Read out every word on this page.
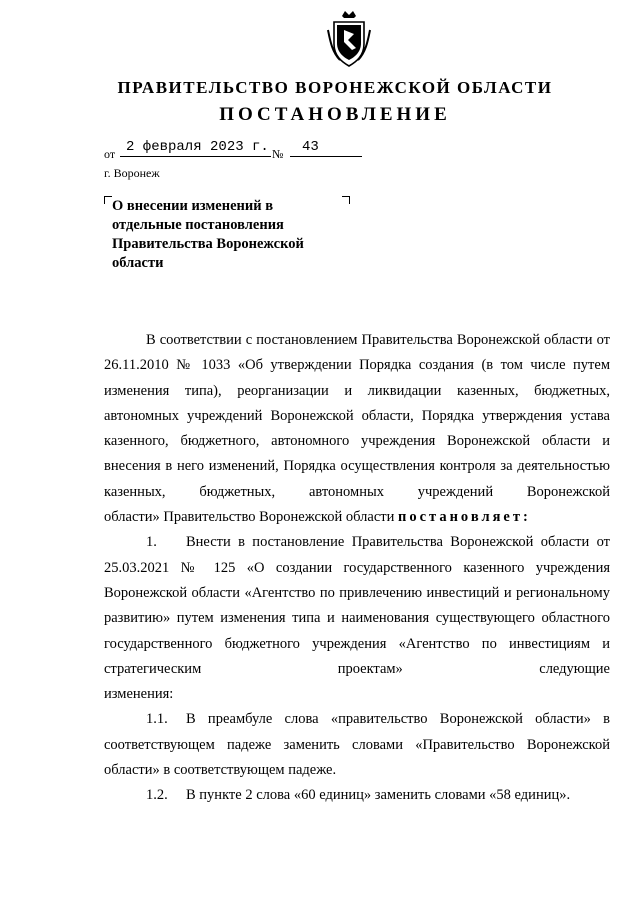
ПРАВИТЕЛЬСТВО ВОРОНЕЖСКОЙ ОБЛАСТИ
ПОСТАНОВЛЕНИЕ
от 2 февраля 2023 г. №	43
г. Воронеж
О внесении изменений в отдельные постановления Правительства Воронежской области

В соответствии с постановлением Правительства Воронежской области от 26.11.2010 № 1033 «Об утверждении Порядка создания (в том числе путем изменения типа), реорганизации и ликвидации казенных, бюджетных, автономных учреждений Воронежской области, Порядка утверждения устава казенного, бюджетного, автономного учреждения Воронежской области и внесения в него изменений, Порядка осуществления контроля за деятельностью казенных, бюджетных, автономных учреждений Воронежской

области» Правительство Воронежской области постановляет:

1. Внести в постановление Правительства Воронежской области от 25.03.2021 № 125 «О создании государственного казенного учреждения Воронежской области «Агентство по привлечению инвестиций и региональному развитию» путем изменения типа и наименования существующего областного государственного бюджетного учреждения «Агентство по инвестициям и стратегическим проектам» следующие

изменения:

1.1. В преамбуле слова «правительство Воронежской области» в соответствующем падеже заменить словами «Правительство Воронежской

области» в соответствующем падеже.

1.2. В пункте 2 слова «60 единиц» заменить словами «58 единиц».
